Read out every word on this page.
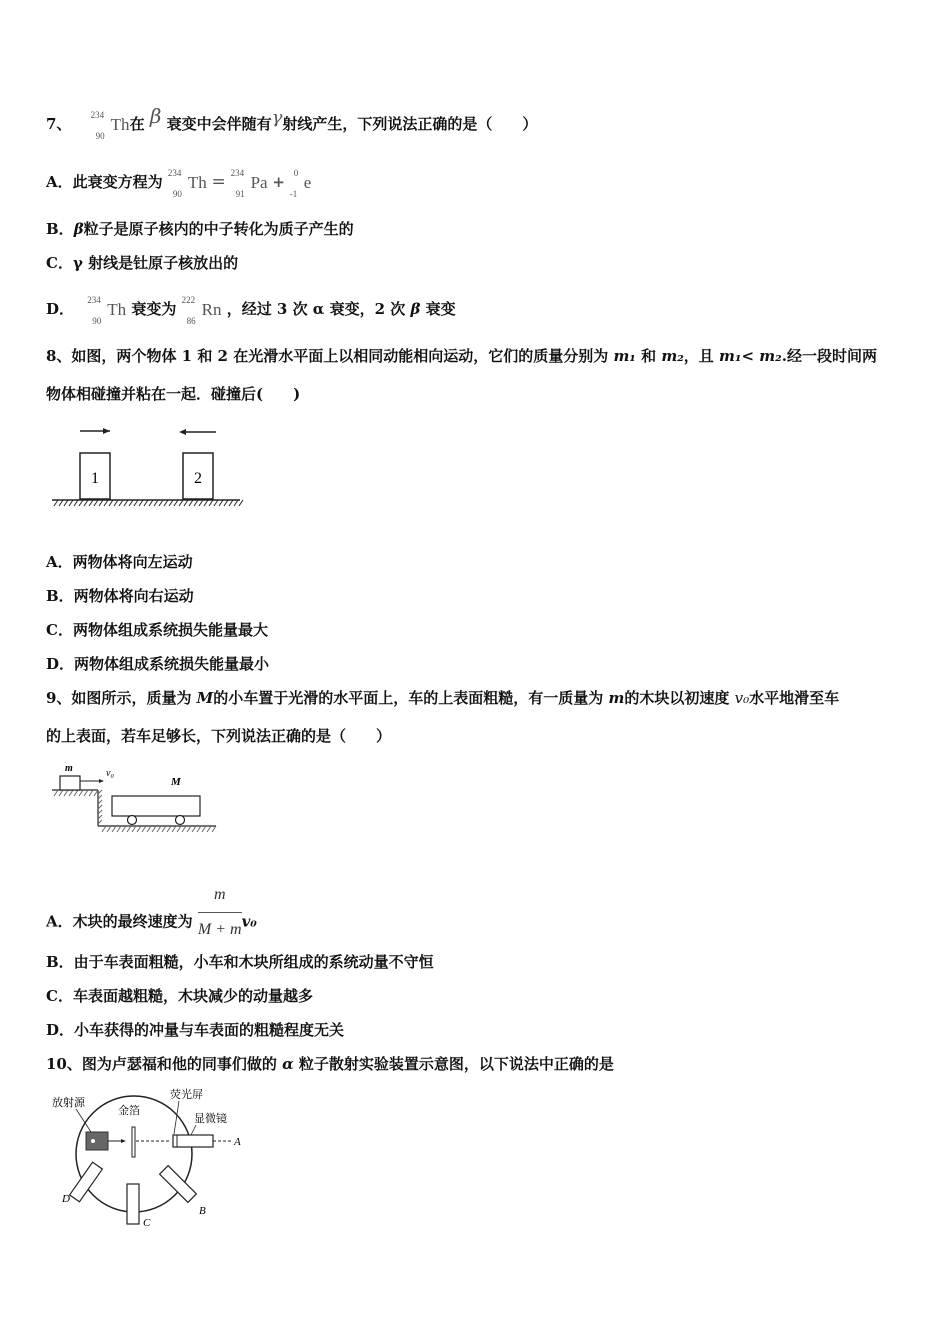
7、 234
90
Th在 β 衰变中会伴随有γ射线产生，下列说法正确的是（　　）
A．此衰变方程为 234
90
Th = 234
91
Pa + 0
-1
e
B．β粒子是原子核内的中子转化为质子产生的
C．γ 射线是钍原子核放出的
D． 234
90
Th 衰变为 222
86
Rn ，经过 3 次 α 衰变，2 次 β 衰变
8、如图，两个物体 1 和 2 在光滑水平面上以相同动能相向运动，它们的质量分别为 m₁ 和 m₂，且 m₁< m₂.经一段时间两
物体相碰撞并粘在一起．碰撞后(　　)
1	2
A．两物体将向左运动
B．两物体将向右运动
C．两物体组成系统损失能量最大
D．两物体组成系统损失能量最小
9、如图所示，质量为 M的小车置于光滑的水平面上，车的上表面粗糙，有一质量为 m的木块以初速度 v₀水平地滑至车
的上表面，若车足够长，下列说法正确的是（　　）
m	v₀
M
A．木块的最终速度为 $\frac{m}{M + m} v_0$
B．由于车表面粗糙，小车和木块所组成的系统动量不守恒
C．车表面越粗糙，木块减少的动量越多
D．小车获得的冲量与车表面的粗糙程度无关
10、图为卢瑟福和他的同事们做的 α 粒子散射实验装置示意图，以下说法中正确的是
放射源
金箔
荧光屏
显微镜
A
B
C
D
